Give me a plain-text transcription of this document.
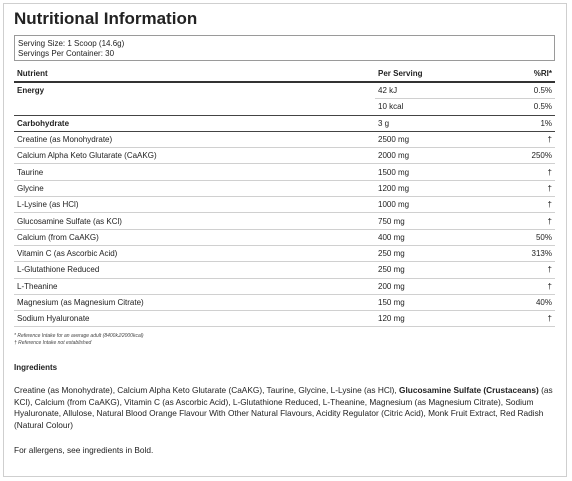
Nutritional Information
Serving Size: 1 Scoop (14.6g)
Servings Per Container: 30
Nutrient	Per Serving	%RI*
Energy	42 kJ	0.5%
	10 kcal	0.5%
Carbohydrate	3 g	1%
Creatine (as Monohydrate)	2500 mg	†
Calcium Alpha Keto Glutarate (CaAKG)	2000 mg	250%
Taurine	1500 mg	†
Glycine	1200 mg	†
L-Lysine (as HCl)	1000 mg	†
Glucosamine Sulfate (as KCl)	750 mg	†
Calcium (from CaAKG)	400 mg	50%
Vitamin C (as Ascorbic Acid)	250 mg	313%
L-Glutathione Reduced	250 mg	†
L-Theanine	200 mg	†
Magnesium (as Magnesium Citrate)	150 mg	40%
Sodium Hyaluronate	120 mg	†
* Reference Intake for an average adult (8400kJ/2000kcal)
† Reference Intake not established
Ingredients
Creatine (as Monohydrate), Calcium Alpha Keto Glutarate (CaAKG), Taurine, Glycine, L-Lysine (as HCl), Glucosamine Sulfate (Crustaceans) (as KCl), Calcium (from CaAKG), Vitamin C (as Ascorbic Acid), L-Glutathione Reduced, L-Theanine, Magnesium (as Magnesium Citrate), Sodium Hyaluronate, Allulose, Natural Blood Orange Flavour With Other Natural Flavours, Acidity Regulator (Citric Acid), Monk Fruit Extract, Red Radish (Natural Colour)
For allergens, see ingredients in Bold.
